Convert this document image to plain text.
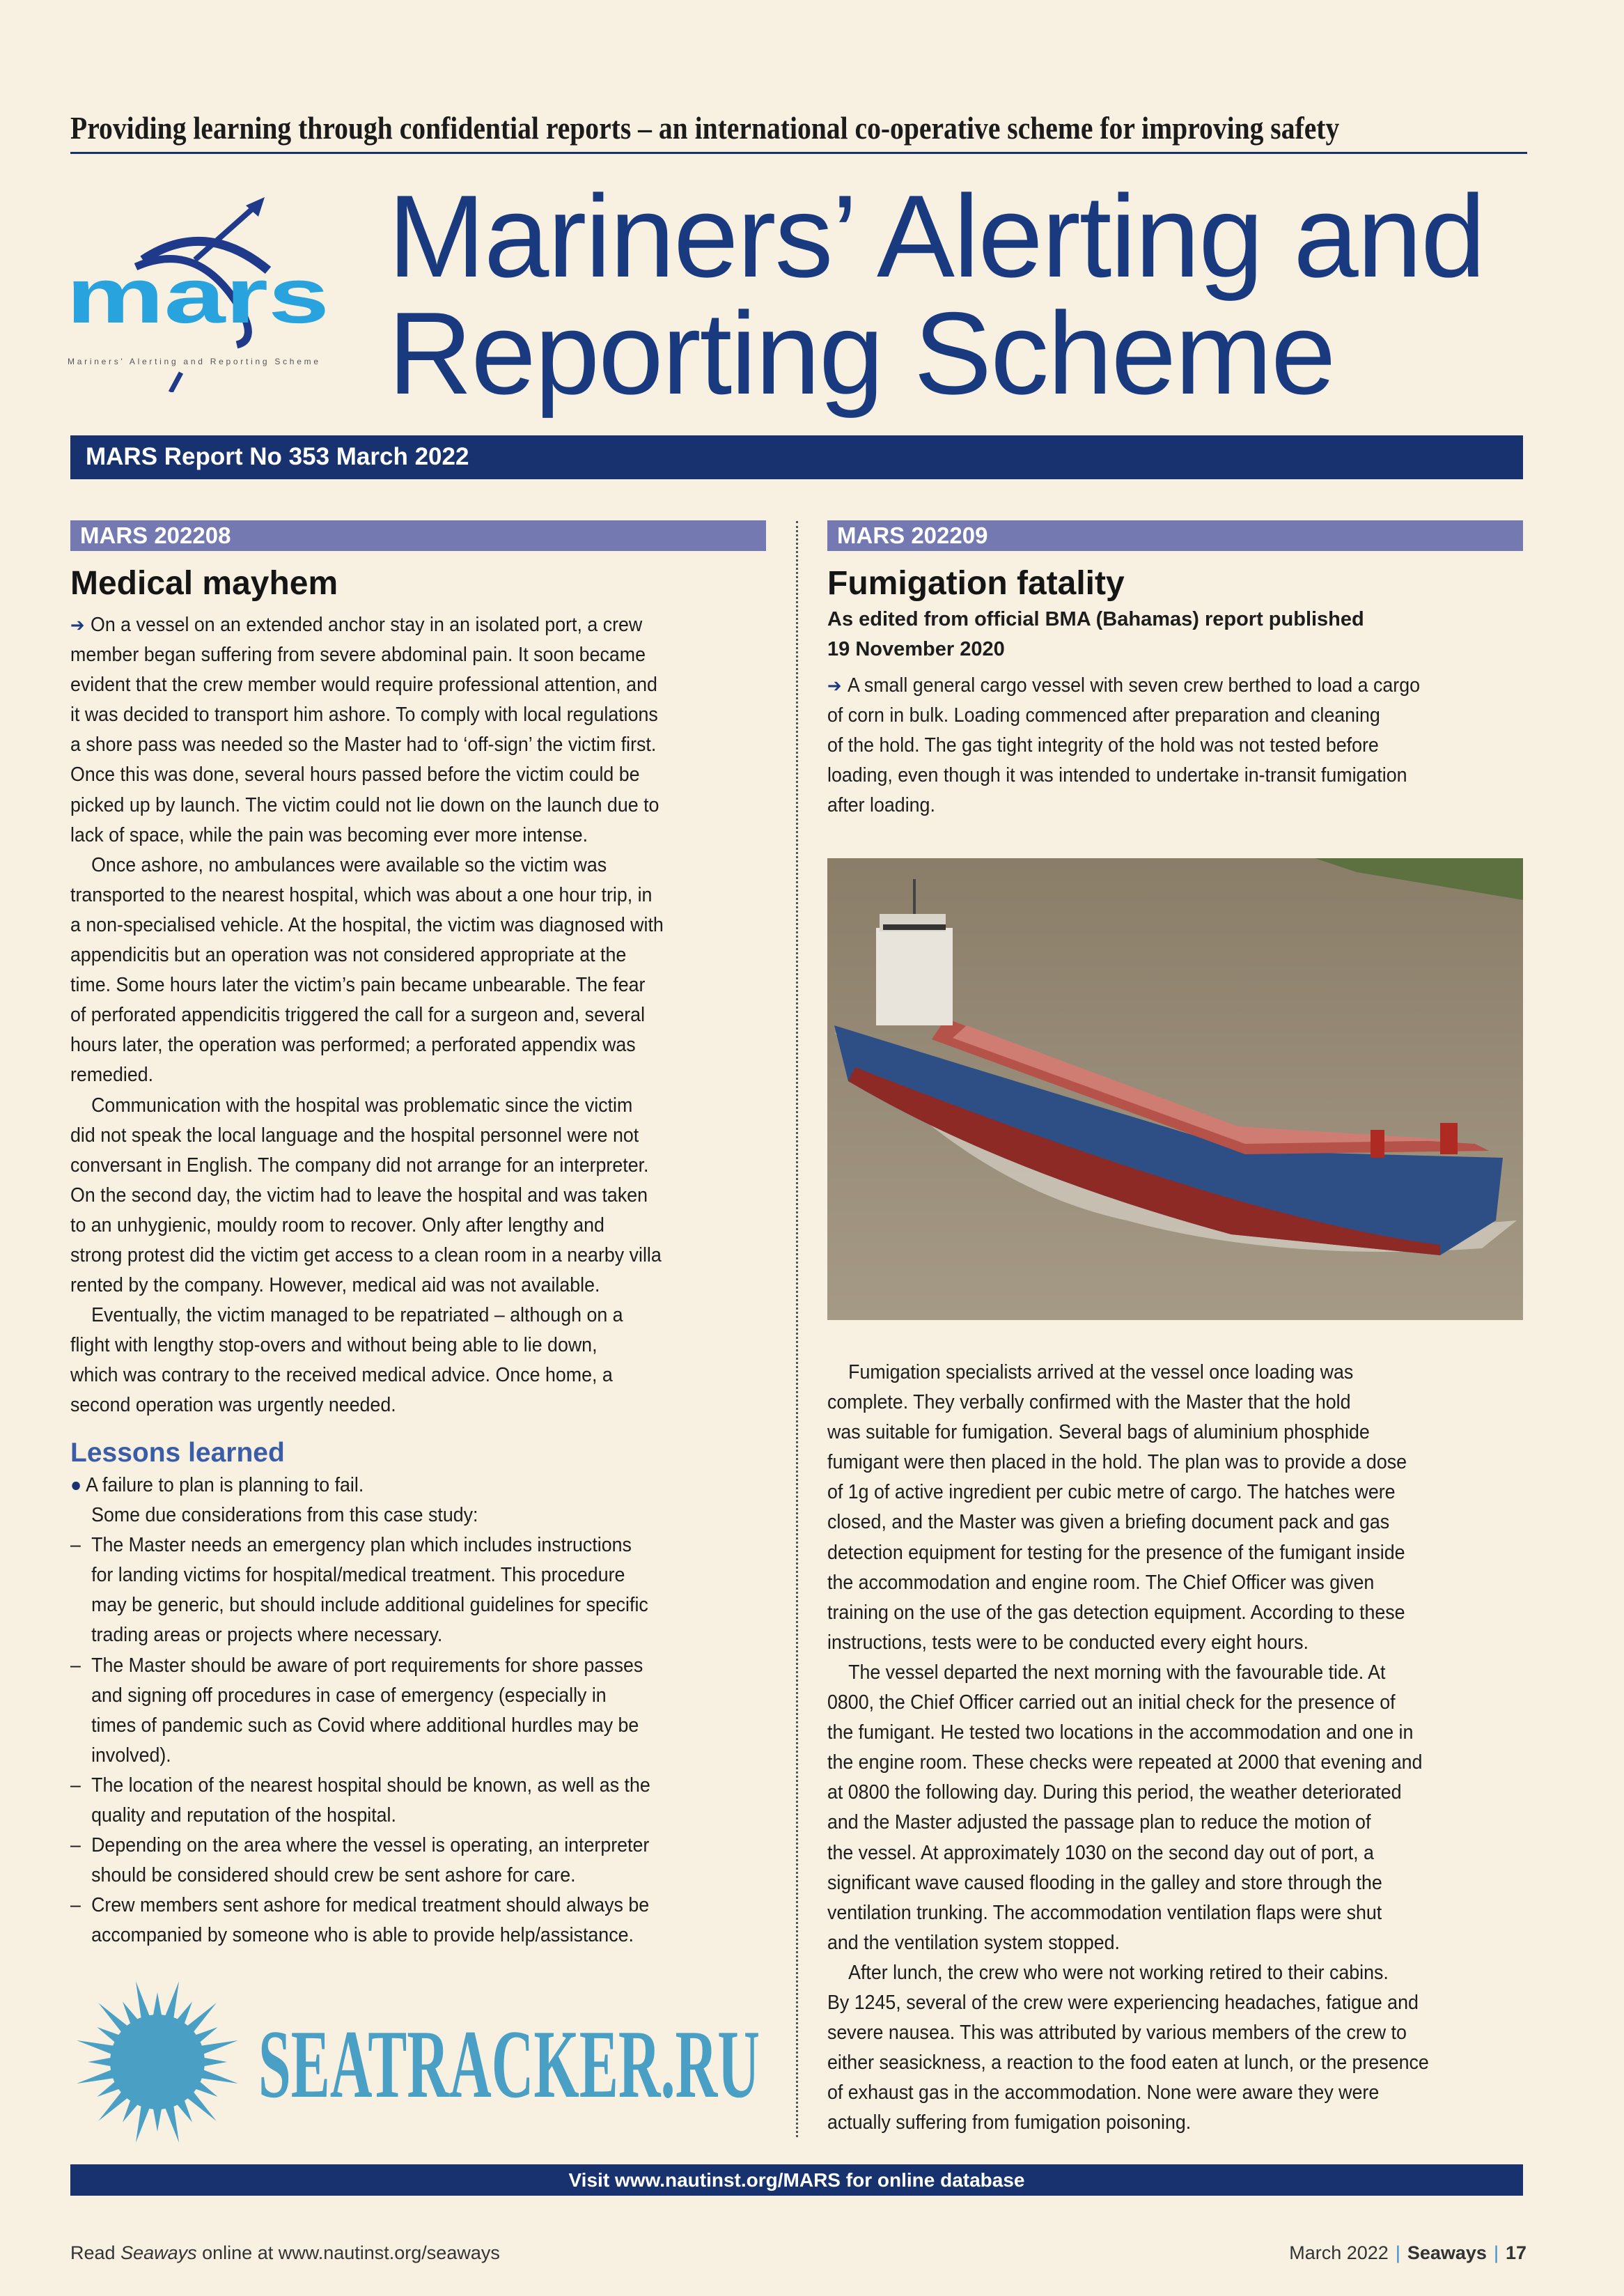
Providing learning through confidential reports – an international co-operative scheme for improving safety
mars
Mariners' Alerting and Reporting Scheme
Mariners’ Alerting and
Reporting Scheme
MARS Report No 353 March 2022
MARS 202208
Medical mayhem
➔ On a vessel on an extended anchor stay in an isolated port, a crew
member began suffering from severe abdominal pain. It soon became
evident that the crew member would require professional attention, and
it was decided to transport him ashore. To comply with local regulations
a shore pass was needed so the Master had to ‘off-sign’ the victim first.
Once this was done, several hours passed before the victim could be
picked up by launch. The victim could not lie down on the launch due to
lack of space, while the pain was becoming ever more intense.
Once ashore, no ambulances were available so the victim was
transported to the nearest hospital, which was about a one hour trip, in
a non-specialised vehicle. At the hospital, the victim was diagnosed with
appendicitis but an operation was not considered appropriate at the
time. Some hours later the victim’s pain became unbearable. The fear
of perforated appendicitis triggered the call for a surgeon and, several
hours later, the operation was performed; a perforated appendix was
remedied.
Communication with the hospital was problematic since the victim
did not speak the local language and the hospital personnel were not
conversant in English. The company did not arrange for an interpreter.
On the second day, the victim had to leave the hospital and was taken
to an unhygienic, mouldy room to recover. Only after lengthy and
strong protest did the victim get access to a clean room in a nearby villa
rented by the company. However, medical aid was not available.
Eventually, the victim managed to be repatriated – although on a
flight with lengthy stop-overs and without being able to lie down,
which was contrary to the received medical advice. Once home, a
second operation was urgently needed.
Lessons learned
● A failure to plan is planning to fail.
Some due considerations from this case study:
– The Master needs an emergency plan which includes instructions
for landing victims for hospital/medical treatment. This procedure
may be generic, but should include additional guidelines for specific
trading areas or projects where necessary.
– The Master should be aware of port requirements for shore passes
and signing off procedures in case of emergency (especially in
times of pandemic such as Covid where additional hurdles may be
involved).
– The location of the nearest hospital should be known, as well as the
quality and reputation of the hospital.
– Depending on the area where the vessel is operating, an interpreter
should be considered should crew be sent ashore for care.
– Crew members sent ashore for medical treatment should always be
accompanied by someone who is able to provide help/assistance.
MARS 202209
Fumigation fatality
As edited from official BMA (Bahamas) report published
19 November 2020
➔ A small general cargo vessel with seven crew berthed to load a cargo
of corn in bulk. Loading commenced after preparation and cleaning
of the hold. The gas tight integrity of the hold was not tested before
loading, even though it was intended to undertake in-transit fumigation
after loading.
Fumigation specialists arrived at the vessel once loading was
complete. They verbally confirmed with the Master that the hold
was suitable for fumigation. Several bags of aluminium phosphide
fumigant were then placed in the hold. The plan was to provide a dose
of 1g of active ingredient per cubic metre of cargo. The hatches were
closed, and the Master was given a briefing document pack and gas
detection equipment for testing for the presence of the fumigant inside
the accommodation and engine room. The Chief Officer was given
training on the use of the gas detection equipment. According to these
instructions, tests were to be conducted every eight hours.
The vessel departed the next morning with the favourable tide. At
0800, the Chief Officer carried out an initial check for the presence of
the fumigant. He tested two locations in the accommodation and one in
the engine room. These checks were repeated at 2000 that evening and
at 0800 the following day. During this period, the weather deteriorated
and the Master adjusted the passage plan to reduce the motion of
the vessel. At approximately 1030 on the second day out of port, a
significant wave caused flooding in the galley and store through the
ventilation trunking. The accommodation ventilation flaps were shut
and the ventilation system stopped.
After lunch, the crew who were not working retired to their cabins.
By 1245, several of the crew were experiencing headaches, fatigue and
severe nausea. This was attributed by various members of the crew to
either seasickness, a reaction to the food eaten at lunch, or the presence
of exhaust gas in the accommodation. None were aware they were
actually suffering from fumigation poisoning.
SEATRACKER.RU
Visit www.nautinst.org/MARS for online database
Read Seaways online at www.nautinst.org/seaways	March 2022 | Seaways | 17
